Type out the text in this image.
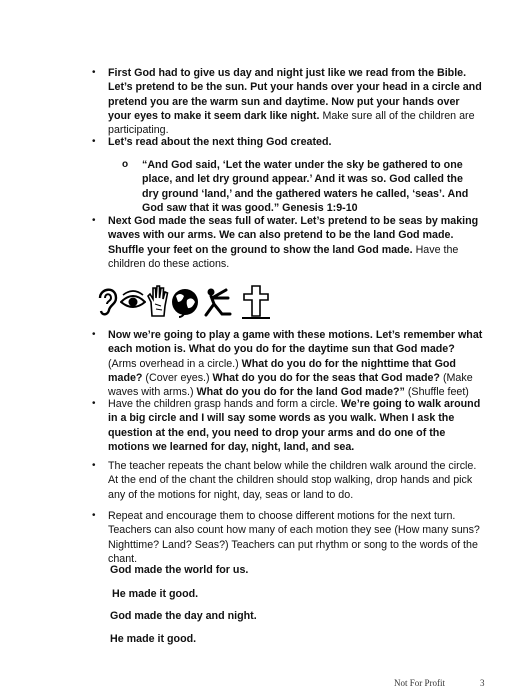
• First God had to give us day and night just like we read from the Bible. Let’s pretend to be the sun. Put your hands over your head in a circle and pretend you are the warm sun and daytime. Now put your hands over your eyes to make it seem dark like night. Make sure all of the children are participating.
• Let’s read about the next thing God created.
o “And God said, ‘Let the water under the sky be gathered to one place, and let dry ground appear.’ And it was so. God called the dry ground ‘land,’ and the gathered waters he called, ‘seas’. And God saw that it was good.” Genesis 1:9-10
• Next God made the seas full of water. Let’s pretend to be seas by making waves with our arms. We can also pretend to be the land God made. Shuffle your feet on the ground to show the land God made. Have the children do these actions.
• Now we’re going to play a game with these motions. Let’s remember what each motion is. What do you do for the daytime sun that God made? (Arms overhead in a circle.) What do you do for the nighttime that God made? (Cover eyes.) What do you do for the seas that God made? (Make waves with arms.) What do you do for the land God made?” (Shuffle feet)
• Have the children grasp hands and form a circle. We’re going to walk around in a big circle and I will say some words as you walk. When I ask the question at the end, you need to drop your arms and do one of the motions we learned for day, night, land, and sea.
• The teacher repeats the chant below while the children walk around the circle. At the end of the chant the children should stop walking, drop hands and pick any of the motions for night, day, seas or land to do.
• Repeat and encourage them to choose different motions for the next turn. Teachers can also count how many of each motion they see (How many suns? Nighttime? Land? Seas?) Teachers can put rhythm or song to the words of the chant.
God made the world for us.
He made it good.
God made the day and night.
He made it good.
Not For Profit	3
